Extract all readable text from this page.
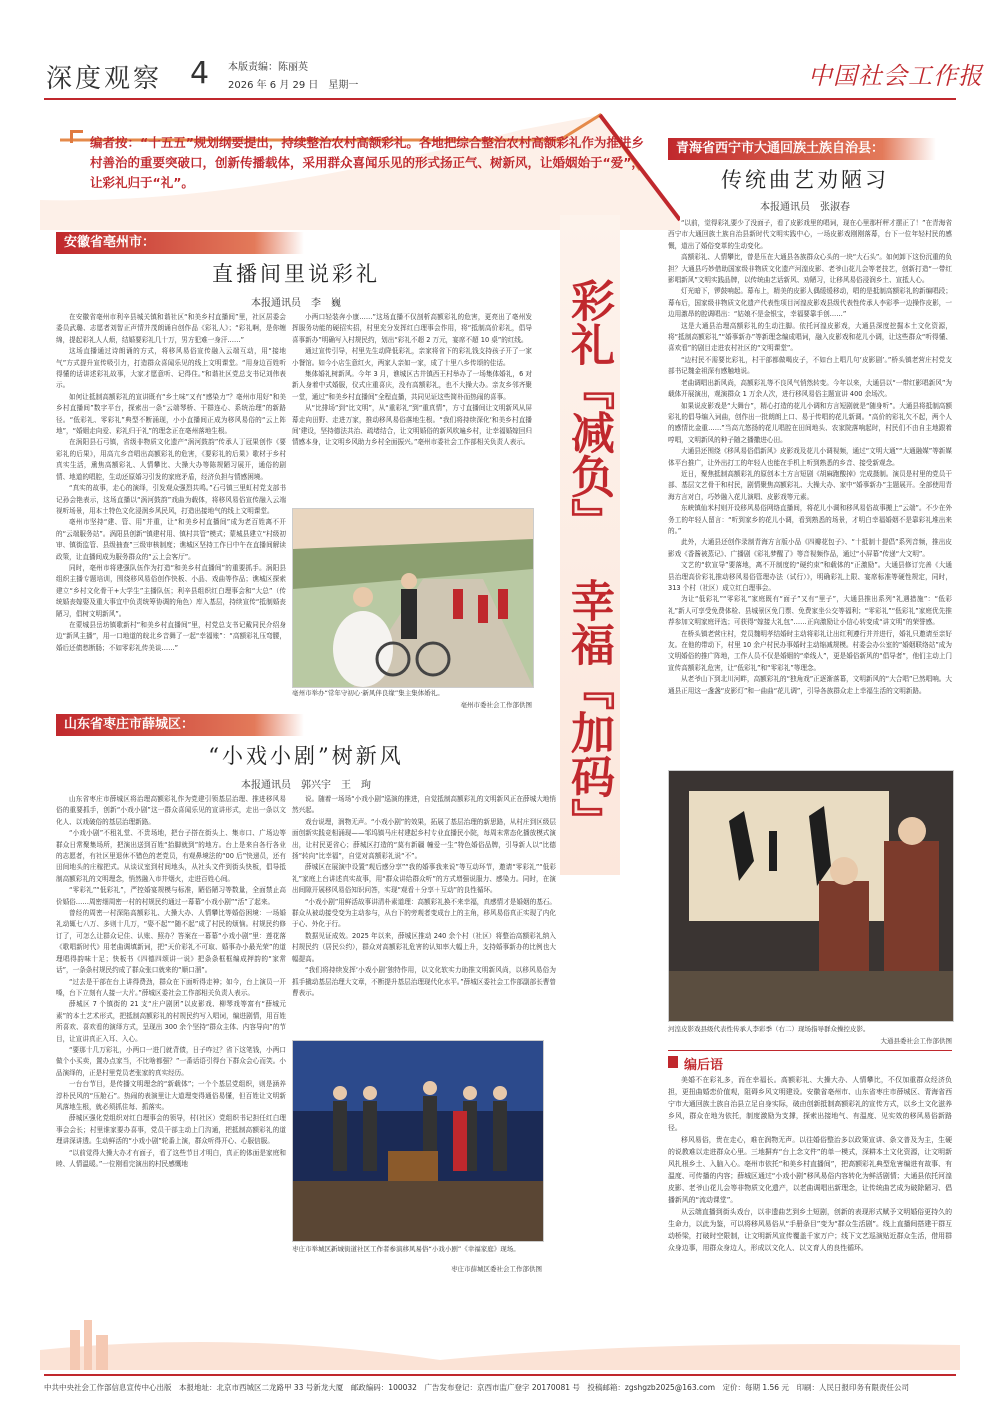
深度观察 4 本版责编：陈丽英
2026 年 6 月 29 日　星期一	中国社会工作报
编者按：“十五五”规划纲要提出，持续整治农村高额彩礼。各地把综合整治农村高额彩礼作为推进乡村善治的重要突破口，创新传播载体，采用群众喜闻乐见的形式扬正气、树新风，让婚姻始于“爱”，让彩礼归于“礼”。
彩礼『减负』
幸福『加码』
安徽省亳州市：
直播间里说彩礼
本报通讯员　李　巍

在安徽省亳州市利辛县城关镇和谐社区“和美乡村直播间”里，社区居委会委员武璐、志愿者刘智正声情并茂朗诵自创作品《彩礼人》；“彩礼啊，是你缠绵，提起彩礼人人烦，结婚要彩礼几十万，男方犯难一身汗……”

这场直播通过诗朗诵的方式，将移风易俗宣传融入云端互动，用“接地气”方式提升宣传吸引力，打造群众喜闻乐见的线上文明课堂。“用身边百姓听得懂的话讲述彩礼故事，大家才愿意听、记得住。”和谐社区党总支书记刘伟表示。

如何让抵制高额彩礼的宣讲既有“乡土味”又有“感染力”？亳州市用好“和美乡村直播间”数字平台，探索出一条“云端琴桥、干群连心、系统治理”的新路径。“低彩礼、零彩礼”典型不断涌现，小小直播间正成为移风易俗的“云上阵地”，“婚姻走向爱、彩礼归于礼”的理念正在亳州落地生根。

在涡阳县石弓镇，省级非物质文化遗产“涡河鼓韵”传承人丁冠果创作《要彩礼的后果》，用高亢乡音唱出高额彩礼的危害，《要彩礼的后果》歌材于乡村真实生活，熏焦高额彩礼、人情攀比、大操大办等陈规陋习展开，通俗的剧情、地道的唱腔，生动还原婚习引发的家庭矛盾，经济负担与情感困境。

“真实的故事，走心的演绎，引发观众强烈共鸣。”石弓镇三里虹村党支部书记孙会艳表示，这场直播以“涡河鼓韵”戏曲为载体，将移风易俗宣传融入云端视听场景，用本土特色文化浸润乡风民风，打造出接地气的线上文明课堂。

亳州市坚持“建、管、用”并重，让“和美乡村直播间”成为老百姓离不开的“云端服务站”。涡阳县创新“镇建村用、镇村共管”模式；蒙城县建立“村级初审、镇街监管、县级抽查”三级审核制度；谯城区坚持工作日中午在直播间解读政策，让直播间成为服务群众的“云上会客厅”。

同时，亳州市将建强队伍作为打造“和美乡村直播间”的重要抓手。涡阳县组织主播专题培训，围绕移风易俗创作快板、小品、戏曲等作品；谯城区探索建立“乡村文化骨干+大学生”主播队伍；利辛县组织红白理事会和“大总”（传统婚丧嫁娶及重大事宜中负责统筹协调的角色）库入基层，持续宣传“抵制婚丧陋习，倡树文明新风”。

在蒙城县岳坊镇歌新村“和美乡村直播间”里，村党总支书记戴同民介绍身边“新风主播”，用一口地道的皖北乡音舞了一起“幸福账”：“高额彩礼压弯腰，婚后还债愁断肠；不如零彩礼传美谈……”

小两口轻装奔小康……”这场直播不仅剖析高额彩礼的危害，更亮出了亳州发挥服务功能的硬招实招，村里充分发挥红白理事会作用，将“抵制高价彩礼，倡导喜事新办”明确写入村规民约，划出“彩礼不超 2 万元，宴席不超 10 桌”的红线。

通过宣传引导，村里先生动降低彩礼，亲家将省下的彩礼钱支持孩子开了一家小餐馆。如今小店生意红火，两家人亲如一家，成了十里八乡传颂的佳话。

集体婚礼树新风。今年 3 月，谯城区古井镇西王村举办了一场集体婚礼，6 对新人身着中式婚服，仪式庄重喜庆，没有高额彩礼，也不大操大办。亲友乡邻齐聚一堂，通过“和美乡村直播间”全程直播，共同见证这些简朴而热闹的喜事。

从“比排场”到“比文明”，从“重彩礼”到“重真情”，方寸直播间让文明新风从屏幕走向田野、走进万家，推动移风易俗落地生根。“我们将持续深化‘和美乡村直播间’建设，坚持德法共治、疏堵结合，让文明婚俗的新风吹遍乡村，让幸福婚嫁回归情感本身，让文明乡风助力乡村全面振兴。”亳州市委社会工作部相关负责人表示。

亳州市举办“常年守初心·新风伴良缘”集主集体婚礼。
亳州市委社会工作部供图
山东省枣庄市薛城区：
“小戏小剧”树新风
本报通讯员　郭兴宇　王　珣

山东省枣庄市薛城区将治理高额彩礼作为党建引领基层治理、推进移风易俗的重要抓手，创新“小戏小剧”这一群众喜闻乐见的宣讲形式，走出一条以文化人、以戏破俗的基层治理新路。

“小戏小剧”不租礼堂、不贵场地，把台子搭在街头上、集市口、广场边等群众日常聚集场所，把演出送到百姓“抬脚就到”的地方。台上是来自各行各业的志愿者，有社区里退休不错色的老党员，有观鼻境法的“00 后”快递员，还有田间地头的庄稼把式。从谈议室到村间地头，从社头文件到街头快板，倡导抵制高额彩礼的文明理念，悄然融入市井烟火，走进百姓心间。

“零彩礼”“低彩礼”，严控婚宴规模与标准，陋俗陋习等数量，全面禁止高价婚俗……周密细周密一村的村规民约通过一幕幕“小戏小剧”“活”了起来。

曾经的周密一村深陷高额彩礼、大操大办、人情攀比等婚俗困境：一场婚礼动辄七八万、多则十几万，“娶不起”“随不起”成了村民的烦恼。村规民约修订了，可怎么让群众记住、认账、照办？答案在一幕幕“小戏小剧”里：莲花落《歌唱新时代》用老曲调填新词，把“天价彩礼不可取、婚事办小最光荣”的道理唱得韵味十足；快板书《四德四颂讲一说》把条条框框编成押韵的“家常话”，一条条村规民约成了群众张口就来的“顺口溜”。

“过去是干部在台上讲得费劲，群众在下面听得走神；如今，台上演员一开嗓，台下立刻有人接一大片。”薛城区委社会工作部相关负责人表示。

薛城区 7 个镇街的 21 支“庄户剧团”以皮影戏、柳琴戏等富有“薛城元素”的本土艺术形式，把抵制高额彩礼的村规民约写入唱词，编进剧情，用百姓所喜欢、喜欢看的演绎方式，呈现出 300 余个坚持“群众主体、内容导向”的节目，让宣讲真正入耳、入心。

“要那十几万彩礼，小两口一进门就背债，日子咋过？省下这笔钱，小两口做个小买卖，置办点家当，不比啥都强？”一番话语引得台下群众会心而笑。小品演绎的，正是村里党员老张家的真实经历。

一台台节目，是传播文明理念的“新载体”；一个个基层党组织，则是涵养淳朴民风的“压舱石”。热闹的表演里让大道理变得通俗易懂，但百姓让文明新风落地生根，就必须抓住每、抓落实。

薛城区强化党组织对红白理事会的领导，村(社区）党组织书记担任红白理事会会长；村里谁家要办喜事，党员干部主动上门沟通，把抵制高额彩礼的道理讲深讲透。生动鲜活的“小戏小剧”轮番上演，群众听得开心、心服信服。

“以前觉得大操大办才有面子，看了这些节目才明白，真正的体面是家庭和睦、人情温暖。”一位刚看完演出的村民感慨地

说。随着一场场“小戏小剧”巡演的推进，自觉抵制高额彩礼的文明新风正在薛城大地悄然兴起。

戏台说理，润物无声。“小戏小剧”的效果，拓展了基层治理的新思路，从村庄到区级层面创新实践竞相涌现——邹坞镇马庄村建起乡村专业直播民小院，每周末常态化播放模式演出，让村民更省心；薛城区打造的“莫有新疆 幢爱一生”特色婚俗品牌，引导新人以“比德扬”转向“比幸福”，自觉对高额彩礼说“不”。

薛城区在展演中设置“观后感分享”“我的婚事我来说”等互动环节，邀请“零彩礼”“低彩礼”家庭上台讲述真实故事，用“群众讲给群众听”的方式增强说服力、感染力。同时，在演出间隙开展移风易俗知识问答，实现“观看＋分享＋互动”的良性循环。

“小戏小剧”用鲜活故事讲清朴素道理：高额彩礼换不来幸福，真感情才是婚姻的基石。群众从被动接受变为主动参与，从台下的旁观者变成台上的主角，移风易俗真正实现了内化于心、外化于行。

数据见证成效。2025 年以来，薛城区推动 240 余个村（社区）将整治高额彩礼纳入村规民约（居民公约），群众对高额彩礼危害的认知率大幅上升，支持婚事新办的比例也大幅提高。

“我们将持续发挥‘小戏小剧’独特作用，以文化软实力助推文明新风尚，以移风易俗为抓手撬动基层治理大文章，不断提升基层治理现代化水平。”薛城区委社会工作部副部长曹曾曹表示。

枣庄市举城区新城街道社区工作者参演移风易俗“小戏小剧”《幸福家庭》现场。
枣庄市薛城区委社会工作部供图
青海省西宁市大通回族土族自治县：
传统曲艺劝陋习
本报通讯员　张淑春

“以前，觉得彩礼要少了没面子，看了皮影戏里的唱词，现在心里那杆秤才摆正了！”在青海省西宁市大通回族土族自治县新时代文明实践中心，一场皮影戏刚刚落幕，台下一位年轻村民的感慨，道出了婚俗变革的生动变化。

高额彩礼、人情攀比，曾是压在大通县各族群众心头的一块“大石头”。如何卸下这份沉重的负担？大通县巧妙借助国家级非物质文化遗产河湟皮影、老爷山花儿会等老技艺，创新打造“一带红影唱新风”文明实践品牌，以传统曲艺话新风、劝陋习，让移风易俗浸润乡土、宣抵人心。

灯光暗下，锣鼓响起。幕布上，精美的皮影人偶缓缓移动，唱的是抵制高额彩礼的新编唱段；幕布后，国家级非物质文化遗产代表性项目河湟皮影戏县级代表性传承人李彩季一边操作皮影，一边用激昂的腔调唱出：“姑娘不是金银宝，幸福要靠手创……”

这是大通县治理高额彩礼的生动注脚。依托河湟皮影戏，大通县深度挖掘本土文化资源，将“抵制高额彩礼”“婚事新办”等新理念编成唱词，融入皮影戏和花儿小调，让这些群众“听得懂、喜欢看”的剧目走进农村社区的“文明课堂”。

“边村民不需要比彩礼，村干部都做喝皮子，不如台上唱几句‘皮影剧’。”桥头镇老营庄村党支部书记魏金祖深有感触地说。

老曲调唱出新风尚，高额彩礼等不良风气悄然转变。今年以来，大通县以“一带红影唱新风”为载体开展演出，观演群众 1 万余人次，进行移风易俗主题宣讲 400 余场次。

如果说皮影戏是“大舞台”，精心打造的花儿小调和方言短剧就是“随身听”。大通县将抵制高额彩礼的倡导编入词曲，创作出一批朗朗上口、易于传唱的花儿新调。“高价的彩礼欠不起，两个人的感情比金重……”当高亢悠扬的花儿唱腔在田间地头、农家院落响起时，村民们不由自主地跟着哼唱，文明新风的种子随之播撒进心田。

大通县还围绕《移风易俗倡新风》皮影戏及花儿小调视频，通过“文明大通”“大通融媒”等新媒体平台推广，让外出打工的年轻人也能在手机上听到熟悉的乡音、接受新观念。

近日，聚焦抵制高额彩礼的原创本土方言短剧《胡麻跑酸掉》完成摄制。演员是村里的党员干部、基层文艺骨干和村民，剧情聚焦高额彩礼、大操大办、家中“婚事新办”主题展开。全部使用青海方言对白，巧妙融入花儿演唱、皮影戏等元素。

东峡镇仙米村则开设移风易俗网络直播间，将花儿小调和移风易俗故事搬上“云端”。不少在外务工的年轻人留言：“听到家乡的花儿小调，看到熟悉的场景，才明白幸福婚姻不是靠彩礼堆出来的。”

此外，大通县还创作录制青海方言版小品《四瓣花包子》、“十抵制十提倡”系列音频，推出皮影戏《香酱被蒸记》、广播剧《彩礼梦醒了》等音视频作品，通过“小屏幕”传递“大文明”。

文艺的“软宣导”要落地，离不开制度的“硬约束”和载体的“正激励”。大通县修订完善《大通县治理高价彩礼推动移风易俗管理办法（试行）》，明确彩礼上限、宴席标准等硬性规定，同时，313 个村（社区）成立红白理事会。

为让“低彩礼”“零彩礼”家庭既有“面子”又有“里子”，大通县推出系列“礼遇措施”：“低彩礼”新人可享受免费体检、县城景区免门票、免费家坐公交等福利；“零彩礼”“低彩礼”家庭优先推荐参加文明家庭评选；可获得“嫁接大礼包”……正向激励让小信心转变成“讲文明”的荣誉感。

在桥头镇老营庄村，党员魏明孝结婚时主动将彩礼让出红利遵行并并进行，婚礼只邀请至亲好友。在他的带动下，村里 10 余户村民办事婚时主动缩减规模。村委会办公室的“婚姻联络站”成为文明婚俗的推广阵地，工作人员不仅是婚姻的“牵线人”，更是婚俗新风的“倡导者”，他们主动上门宣传高额彩礼危害，让“低彩礼”和“零彩礼”等理念。

从老爷山下到北川河畔，高额彩礼的“独角戏”正逐渐落幕，文明新风的“大合唱”已然唱响。大通县正用这一盏盏“皮影灯”和一曲曲“花儿调”，引导各族群众走上幸福生活的文明新路。

河湟皮影戏县级代表性传承人李彩季（右二）现场指导群众操控皮影。
大通县委社会工作部供图
编后语

美婚不在彩礼多，而在幸福长。高额彩礼、大操大办、人情攀比，不仅加重群众经济负担，更扭曲婚恋价值观，阻碍乡风文明建设。安徽省亳州市、山东省枣庄市薛城区、青海省西宁市大通回族土族自治县立足自身实际，破由创新抵制高额彩礼的宣传方式，以乡土文化滋养乡风，群众在地为依托，制度激励为支撑，探索出接地气、有温度、见实效的移风易俗新路径。

移风易俗，贵在走心，难在润物无声。以往婚俗整治多以政策宣讲、条文普及为主，生硬的说教难以走进群众心里。三地摒弃“台上念文件”的单一模式，深耕本土文化资源，让文明新风扎根乡土、入脑入心。亳州市依托“和美乡村直播间”，把高额彩礼典型危害编进有故事、有温度、可传播的内容；薛城区通过“小戏小剧”移风易俗内容转化为鲜活剧情；大通县依托河湟皮影、老爷山花儿会等非物质文化遗产，以老曲调唱出新理念，让传统曲艺成为破除陋习、倡播新风的“流动课堂”。

从云端直播到街头戏台，以非遗曲艺到乡土短剧，创新的表现形式赋予文明婚俗更持久的生命力，以此为鉴，可以将移风易俗从“手册条目”变为“群众生活剧”。线上直播间搭建干群互动桥梁，打破时空限制，让文明新风宣传覆盖千家万户；线下文艺巡演贴近群众生活，借用群众身边事，用群众身边人，形成以文化人、以文育人的良性循环。

中共中央社会工作部信息宣传中心出版　本报地址：北京市西城区二龙路甲 33 号新龙大厦　邮政编码：100032　广告发布登记：京西市监广登字 20170081 号　投稿邮箱：zgshgzb2025@163.com　定价：每期 1.56 元　印刷：人民日报印务有限责任公司
